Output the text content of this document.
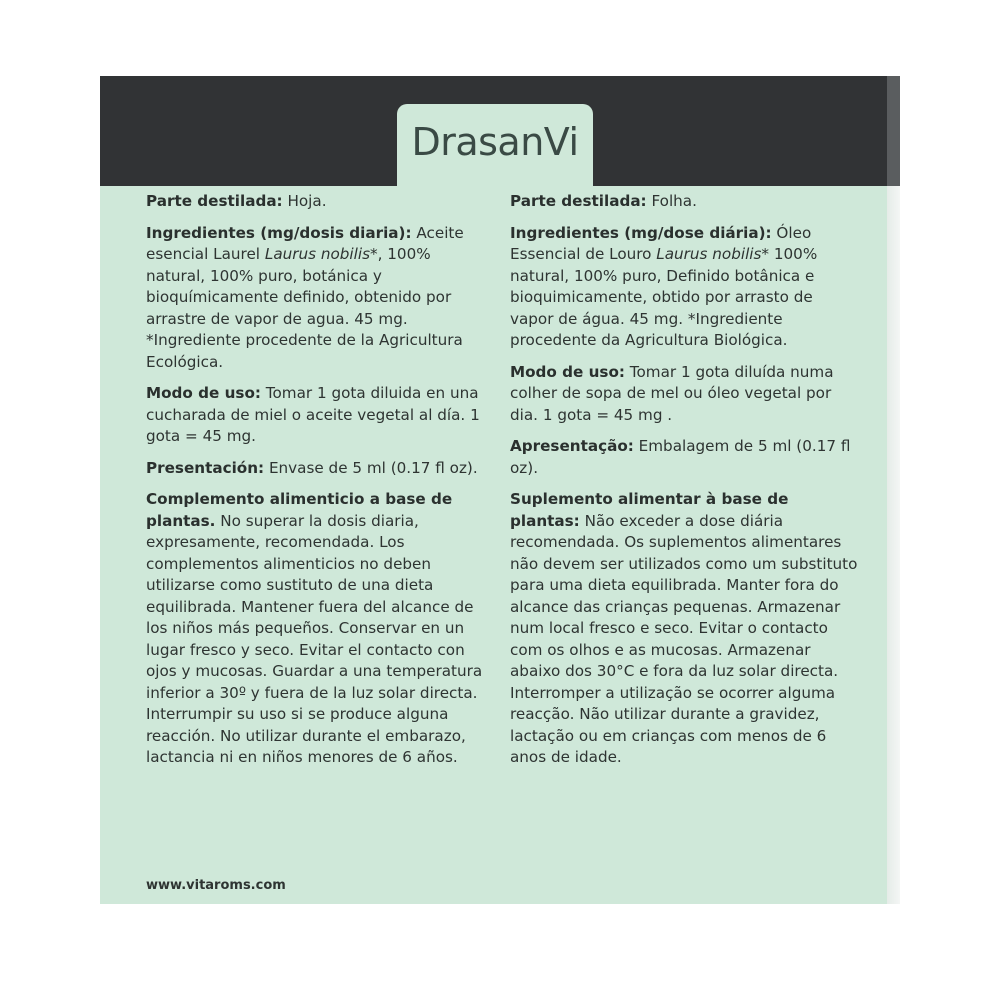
DrasanVi

Parte destilada: Hoja.

Ingredientes (mg/dosis diaria): Aceite esencial Laurel Laurus nobilis*, 100% natural, 100% puro, botánica y bioquímicamente definido, obtenido por arrastre de vapor de agua. 45 mg. *Ingrediente procedente de la Agricultura Ecológica.

Modo de uso: Tomar 1 gota diluida en una cucharada de miel o aceite vegetal al día. 1 gota = 45 mg.

Presentación: Envase de 5 ml (0.17 fl oz).

Complemento alimenticio a base de plantas. No superar la dosis diaria, expresamente, recomendada. Los complementos alimenticios no deben utilizarse como sustituto de una dieta equilibrada. Mantener fuera del alcance de los niños más pequeños. Conservar en un lugar fresco y seco. Evitar el contacto con ojos y mucosas. Guardar a una temperatura inferior a 30º y fuera de la luz solar directa. Interrumpir su uso si se produce alguna reacción. No utilizar durante el embarazo, lactancia ni en niños menores de 6 años.

Parte destilada: Folha.

Ingredientes (mg/dose diária): Óleo Essencial de Louro Laurus nobilis* 100% natural, 100% puro, Definido botânica e bioquimicamente, obtido por arrasto de vapor de água. 45 mg. *Ingrediente procedente da Agricultura Biológica.

Modo de uso: Tomar 1 gota diluída numa colher de sopa de mel ou óleo vegetal por dia. 1 gota = 45 mg .

Apresentação: Embalagem de 5 ml (0.17 fl oz).

Suplemento alimentar à base de plantas: Não exceder a dose diária recomendada. Os suplementos alimentares não devem ser utilizados como um substituto para uma dieta equilibrada. Manter fora do alcance das crianças pequenas. Armazenar num local fresco e seco. Evitar o contacto com os olhos e as mucosas. Armazenar abaixo dos 30°C e fora da luz solar directa. Interromper a utilização se ocorrer alguma reacção. Não utilizar durante a gravidez, lactação ou em crianças com menos de 6 anos de idade.

www.vitaroms.com
